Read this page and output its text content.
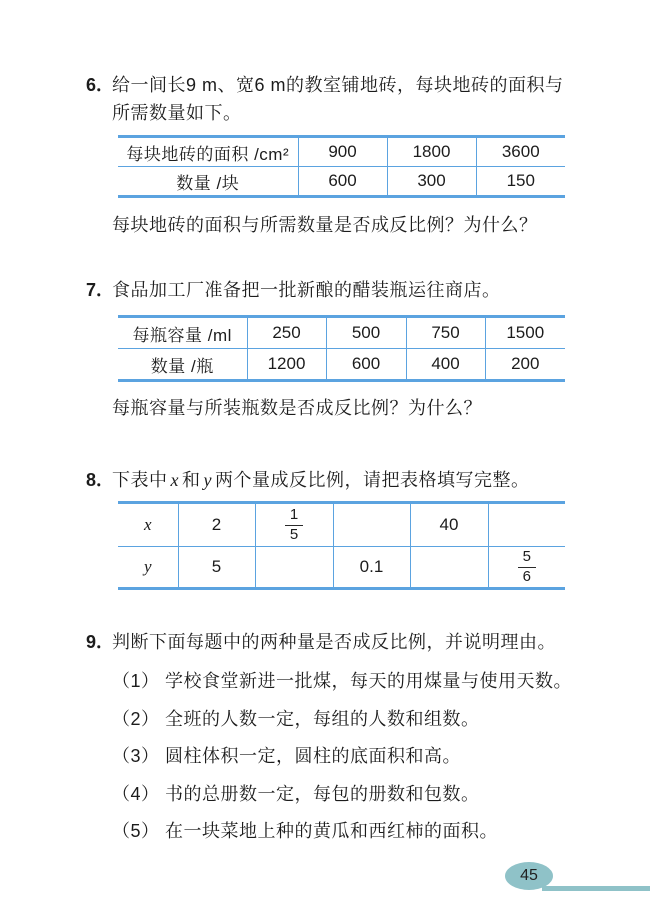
6．
给一间长9 m、宽6 m的教室铺地砖，每块地砖的面积与
所需数量如下。
每块地砖的面积 /cm²	900	1800	3600
数量 /块	600	300	150
每块地砖的面积与所需数量是否成反比例？为什么？
7．
食品加工厂准备把一批新酿的醋装瓶运往商店。
每瓶容量 /ml	250	500	750	1500
数量 /瓶	1200	600	400	200
每瓶容量与所装瓶数是否成反比例？为什么？
8．
下表中 x 和 y 两个量成反比例，请把表格填写完整。
x	2	$\frac{1}{5}$		40	
y	5		0.1		$\frac{5}{6}$
9．
判断下面每题中的两种量是否成反比例，并说明理由。
（1） 学校食堂新进一批煤，每天的用煤量与使用天数。
（2） 全班的人数一定，每组的人数和组数。
（3） 圆柱体积一定，圆柱的底面积和高。
（4） 书的总册数一定，每包的册数和包数。
（5） 在一块菜地上种的黄瓜和西红柿的面积。
45
